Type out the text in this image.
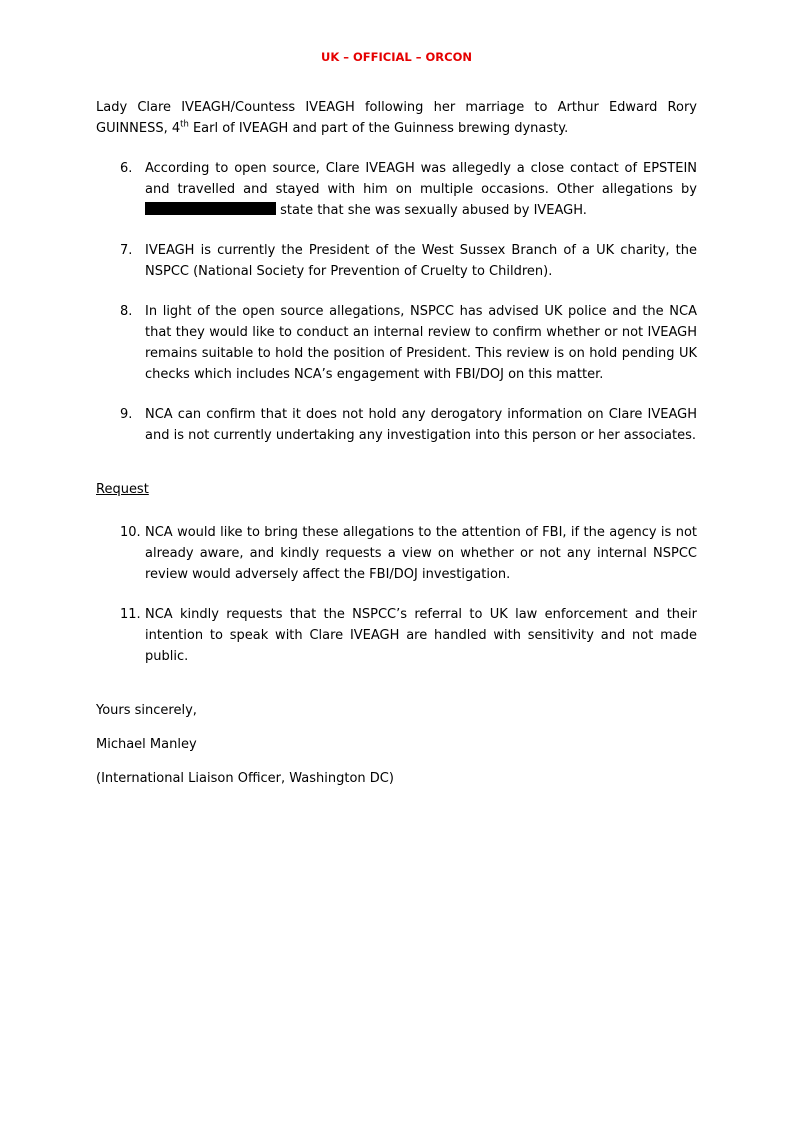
UK – OFFICIAL – ORCON

Lady Clare IVEAGH/Countess IVEAGH following her marriage to Arthur Edward Rory GUINNESS, 4th Earl of IVEAGH and part of the Guinness brewing dynasty.

6. According to open source, Clare IVEAGH was allegedly a close contact of EPSTEIN and travelled and stayed with him on multiple occasions. Other allegations by  state that she was sexually abused by IVEAGH.
7. IVEAGH is currently the President of the West Sussex Branch of a UK charity, the NSPCC (National Society for Prevention of Cruelty to Children).
8. In light of the open source allegations, NSPCC has advised UK police and the NCA that they would like to conduct an internal review to confirm whether or not IVEAGH remains suitable to hold the position of President. This review is on hold pending UK checks which includes NCA’s engagement with FBI/DOJ on this matter.
9. NCA can confirm that it does not hold any derogatory information on Clare IVEAGH and is not currently undertaking any investigation into this person or her associates.

Request

10. NCA would like to bring these allegations to the attention of FBI, if the agency is not already aware, and kindly requests a view on whether or not any internal NSPCC review would adversely affect the FBI/DOJ investigation.
11. NCA kindly requests that the NSPCC’s referral to UK law enforcement and their intention to speak with Clare IVEAGH are handled with sensitivity and not made public.

Yours sincerely,

Michael Manley

(International Liaison Officer, Washington DC)
